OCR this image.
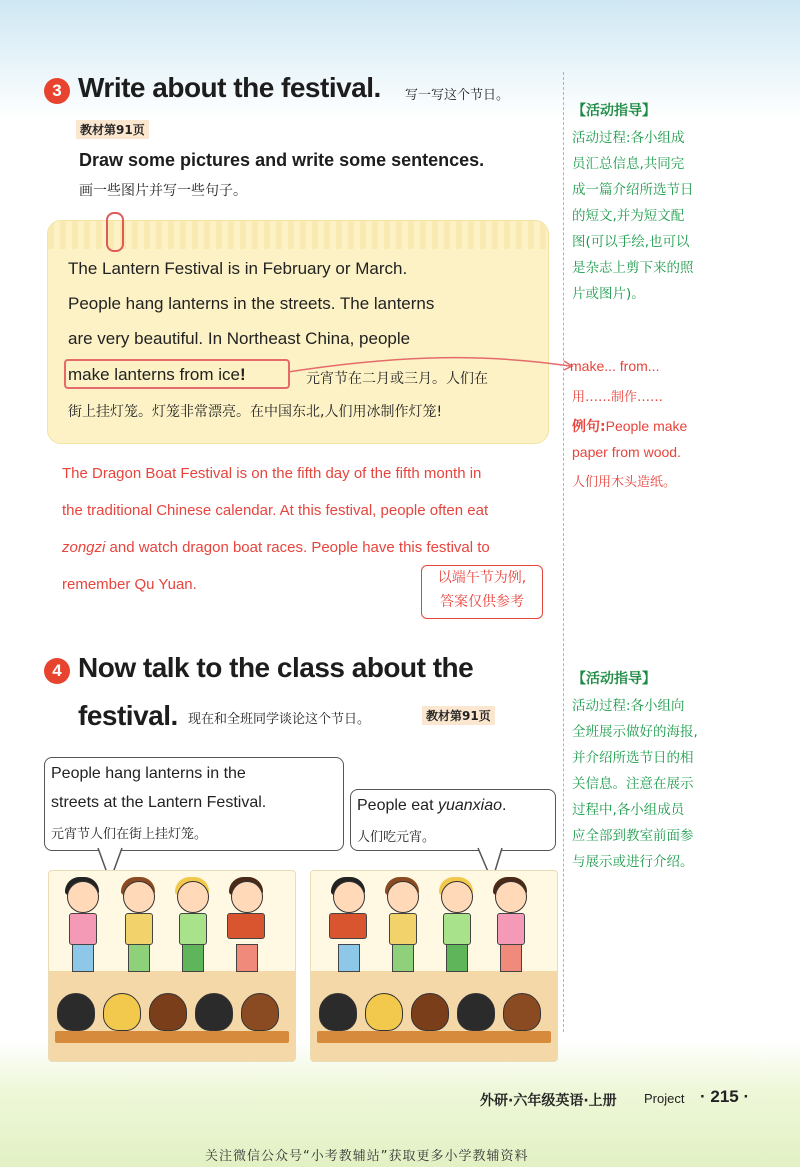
3 Write about the festival. 写一写这个节日。
教材第91页
Draw some pictures and write some sentences.
画一些图片并写一些句子。
The Lantern Festival is in February or March.
People hang lanterns in the streets. The lanterns
are very beautiful. In Northeast China, people
make lanterns from ice!	元宵节在二月或三月。人们在
街上挂灯笼。灯笼非常漂亮。在中国东北,人们用冰制作灯笼!
The Dragon Boat Festival is on the fifth day of the fifth month in
the traditional Chinese calendar. At this festival, people often eat
zongzi and watch dragon boat races. People have this festival to
remember Qu Yuan.	以端午节为例,
答案仅供参考
【活动指导】
活动过程:各小组成
员汇总信息,共同完
成一篇介绍所选节日
的短文,并为短文配
图(可以手绘,也可以
是杂志上剪下来的照
片或图片)。
make... from...
用……制作……
例句:People make
paper from wood.
人们用木头造纸。
4 Now talk to the class about the
festival. 现在和全班同学谈论这个节日。	教材第91页
【活动指导】
活动过程:各小组向
全班展示做好的海报,
并介绍所选节日的相
关信息。注意在展示
过程中,各小组成员
应全部到教室前面参
与展示或进行介绍。
People hang lanterns in the
streets at the Lantern Festival.
元宵节人们在街上挂灯笼。
People eat yuanxiao.
人们吃元宵。
外研·六年级英语·上册 Project · 215 ·
关注微信公众号“小考教辅站”获取更多小学教辅资料
